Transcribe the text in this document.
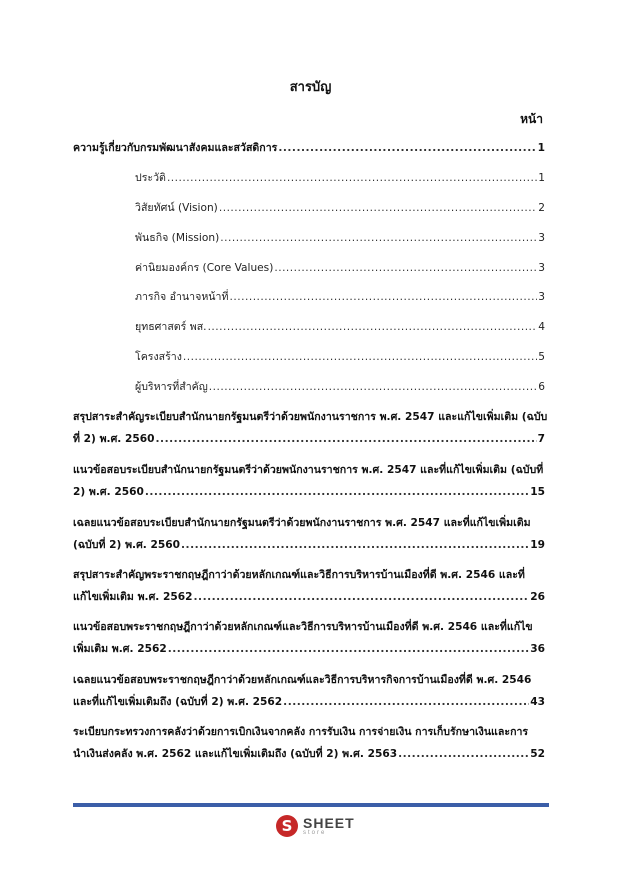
สารบัญ
หน้า
ความรู้เกี่ยวกับกรมพัฒนาสังคมและสวัสดิการ .....	1
ประวัติ .....	1
วิสัยทัศน์ (Vision) .....	2
พันธกิจ (Mission) .....	3
ค่านิยมองค์กร (Core Values) .....	3
ภารกิจ อำนาจหน้าที่ .....	3
ยุทธศาสตร์ พส. .....	4
โครงสร้าง .....	5
ผู้บริหารที่สำคัญ .....	6
สรุปสาระสำคัญระเบียบสำนักนายกรัฐมนตรีว่าด้วยพนักงานราชการ พ.ศ. 2547 และแก้ไขเพิ่มเติม (ฉบับ
ที่ 2) พ.ศ. 2560 .....	7
แนวข้อสอบระเบียบสำนักนายกรัฐมนตรีว่าด้วยพนักงานราชการ พ.ศ. 2547 และที่แก้ไขเพิ่มเติม (ฉบับที่
2) พ.ศ. 2560 .....	15
เฉลยแนวข้อสอบระเบียบสำนักนายกรัฐมนตรีว่าด้วยพนักงานราชการ พ.ศ. 2547 และที่แก้ไขเพิ่มเติม
(ฉบับที่ 2) พ.ศ. 2560 .....	19
สรุปสาระสำคัญพระราชกฤษฎีกาว่าด้วยหลักเกณฑ์และวิธีการบริหารบ้านเมืองที่ดี พ.ศ. 2546 และที่
แก้ไขเพิ่มเติม พ.ศ. 2562 .....	26
แนวข้อสอบพระราชกฤษฎีกาว่าด้วยหลักเกณฑ์และวิธีการบริหารบ้านเมืองที่ดี พ.ศ. 2546 และที่แก้ไข
เพิ่มเติม พ.ศ. 2562 .....	36
เฉลยแนวข้อสอบพระราชกฤษฎีกาว่าด้วยหลักเกณฑ์และวิธีการบริหารกิจการบ้านเมืองที่ดี พ.ศ. 2546
และที่แก้ไขเพิ่มเติมถึง (ฉบับที่ 2) พ.ศ. 2562 .....	43
ระเบียบกระทรวงการคลังว่าด้วยการเบิกเงินจากคลัง การรับเงิน การจ่ายเงิน การเก็บรักษาเงินและการ
นำเงินส่งคลัง พ.ศ. 2562 และแก้ไขเพิ่มเติมถึง (ฉบับที่ 2) พ.ศ. 2563 .....	52
S SHEET
store
